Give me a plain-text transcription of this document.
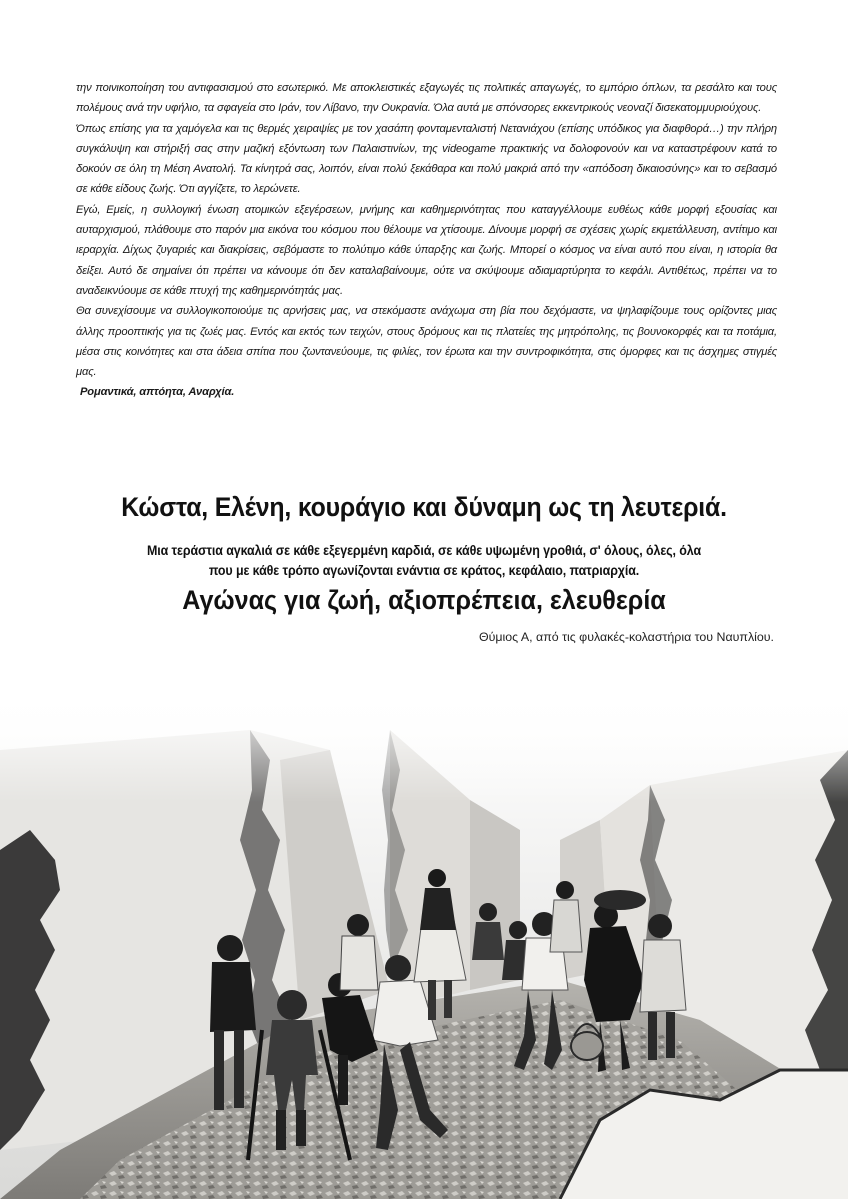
την ποινικοποίηση του αντιφασισμού στο εσωτερικό. Με αποκλειστικές εξαγωγές τις πολιτικές απαγωγές, το εμπόριο όπλων, τα ρεσάλτο και τους πολέμους ανά την υφήλιο, τα σφαγεία στο Ιράν, τον Λίβανο, την Ουκρανία. Όλα αυτά με σπόνσορες εκκεντρικούς νεοναζί δισεκατομμυριούχους.

Όπως επίσης για τα χαμόγελα και τις θερμές χειραψίες με τον χασάπη φονταμενταλιστή Νετανιάχου (επίσης υπόδικος για διαφθορά…) την πλήρη συγκάλυψη και στήριξή σας στην μαζική εξόντωση των Παλαιστινίων, της videogame πρακτικής να δολοφονούν και να καταστρέφουν κατά το δοκούν σε όλη τη Μέση Ανατολή. Τα κίνητρά σας, λοιπόν, είναι πολύ ξεκάθαρα και πολύ μακριά από την «απόδοση δικαιοσύνης» και το σεβασμό σε κάθε είδους ζωής. Ότι αγγίζετε, το λερώνετε.

Εγώ, Εμείς, η συλλογική ένωση ατομικών εξεγέρσεων, μνήμης και καθημερινότητας που καταγγέλλουμε ευθέως κάθε μορφή εξουσίας και αυταρχισμού, πλάθουμε στο παρόν μια εικόνα του κόσμου που θέλουμε να χτίσουμε. Δίνουμε μορφή σε σχέσεις χωρίς εκμετάλλευση, αντίτιμο και ιεραρχία. Δίχως ζυγαριές και διακρίσεις, σεβόμαστε το πολύτιμο κάθε ύπαρξης και ζωής. Μπορεί ο κόσμος να είναι αυτό που είναι, η ιστορία θα δείξει. Αυτό δε σημαίνει ότι πρέπει να κάνουμε ότι δεν καταλαβαίνουμε, ούτε να σκύψουμε αδιαμαρτύρητα το κεφάλι. Αντιθέτως, πρέπει να το αναδεικνύουμε σε κάθε πτυχή της καθημερινότητάς μας.

Θα συνεχίσουμε να συλλογικοποιούμε τις αρνήσεις μας, να στεκόμαστε ανάχωμα στη βία που δεχόμαστε, να ψηλαφίζουμε τους ορίζοντες μιας άλλης προοπτικής για τις ζωές μας. Εντός και εκτός των τειχών, στους δρόμους και τις πλατείες της μητρόπολης, τις βουνοκορφές και τα ποτάμια, μέσα στις κοινότητες και στα άδεια σπίτια που ζωντανεύουμε, τις φιλίες, τον έρωτα και την συντροφικότητα, στις όμορφες και τις άσχημες στιγμές μας.

Ρομαντικά, απτόητα, Αναρχία.

Κώστα, Ελένη, κουράγιο και δύναμη ως τη λευτεριά.
Μια τεράστια αγκαλιά σε κάθε εξεγερμένη καρδιά, σε κάθε υψωμένη γροθιά, σ' όλους, όλες, όλα
που με κάθε τρόπο αγωνίζονται ενάντια σε κράτος, κεφάλαιο, πατριαρχία.
Αγώνας για ζωή, αξιοπρέπεια, ελευθερία

Θύμιος Α, από τις φυλακές-κολαστήρια του Ναυπλίου.
